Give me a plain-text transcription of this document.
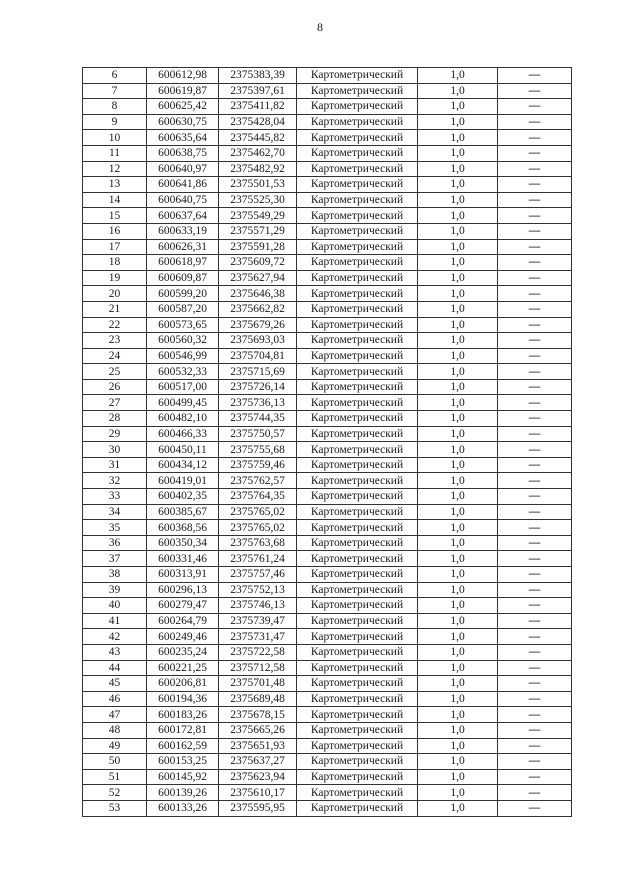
8
6	600612,98	2375383,39	Картометрический	1,0	—
7	600619,87	2375397,61	Картометрический	1,0	—
8	600625,42	2375411,82	Картометрический	1,0	—
9	600630,75	2375428,04	Картометрический	1,0	—
10	600635,64	2375445,82	Картометрический	1,0	—
11	600638,75	2375462,70	Картометрический	1,0	—
12	600640,97	2375482,92	Картометрический	1,0	—
13	600641,86	2375501,53	Картометрический	1,0	—
14	600640,75	2375525,30	Картометрический	1,0	—
15	600637,64	2375549,29	Картометрический	1,0	—
16	600633,19	2375571,29	Картометрический	1,0	—
17	600626,31	2375591,28	Картометрический	1,0	—
18	600618,97	2375609,72	Картометрический	1,0	—
19	600609,87	2375627,94	Картометрический	1,0	—
20	600599,20	2375646,38	Картометрический	1,0	—
21	600587,20	2375662,82	Картометрический	1,0	—
22	600573,65	2375679,26	Картометрический	1,0	—
23	600560,32	2375693,03	Картометрический	1,0	—
24	600546,99	2375704,81	Картометрический	1,0	—
25	600532,33	2375715,69	Картометрический	1,0	—
26	600517,00	2375726,14	Картометрический	1,0	—
27	600499,45	2375736,13	Картометрический	1,0	—
28	600482,10	2375744,35	Картометрический	1,0	—
29	600466,33	2375750,57	Картометрический	1,0	—
30	600450,11	2375755,68	Картометрический	1,0	—
31	600434,12	2375759,46	Картометрический	1,0	—
32	600419,01	2375762,57	Картометрический	1,0	—
33	600402,35	2375764,35	Картометрический	1,0	—
34	600385,67	2375765,02	Картометрический	1,0	—
35	600368,56	2375765,02	Картометрический	1,0	—
36	600350,34	2375763,68	Картометрический	1,0	—
37	600331,46	2375761,24	Картометрический	1,0	—
38	600313,91	2375757,46	Картометрический	1,0	—
39	600296,13	2375752,13	Картометрический	1,0	—
40	600279,47	2375746,13	Картометрический	1,0	—
41	600264,79	2375739,47	Картометрический	1,0	—
42	600249,46	2375731,47	Картометрический	1,0	—
43	600235,24	2375722,58	Картометрический	1,0	—
44	600221,25	2375712,58	Картометрический	1,0	—
45	600206,81	2375701,48	Картометрический	1,0	—
46	600194,36	2375689,48	Картометрический	1,0	—
47	600183,26	2375678,15	Картометрический	1,0	—
48	600172,81	2375665,26	Картометрический	1,0	—
49	600162,59	2375651,93	Картометрический	1,0	—
50	600153,25	2375637,27	Картометрический	1,0	—
51	600145,92	2375623,94	Картометрический	1,0	—
52	600139,26	2375610,17	Картометрический	1,0	—
53	600133,26	2375595,95	Картометрический	1,0	—
